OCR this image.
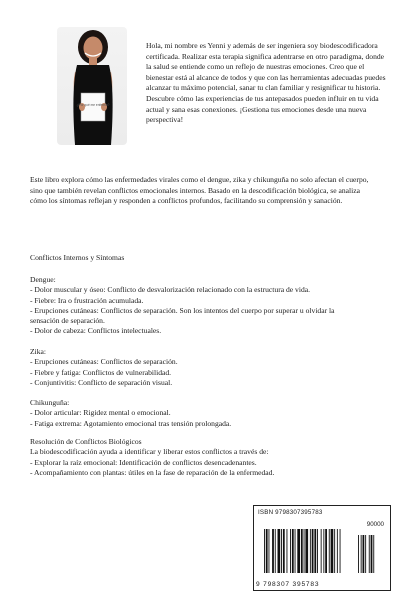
¿Por qué me enfermo?
Hola, mi nombre es Yenni y además de ser ingeniera soy biodescodificadora certificada. Realizar esta terapia significa adentrarse en otro paradigma, donde la salud se entiende como un reflejo de nuestras emociones. Creo que el bienestar está al alcance de todos y que con las herramientas adecuadas puedes alcanzar tu máximo potencial, sanar tu clan familiar y resignificar tu historia. Descubre cómo las experiencias de tus antepasados pueden influir en tu vida actual y sana esas conexiones. ¡Gestiona tus emociones desde una nueva perspectiva!
Este libro explora cómo las enfermedades virales como el dengue, zika y chikunguña no solo afectan el cuerpo, sino que también revelan conflictos emocionales internos. Basado en la descodificación biológica, se analiza cómo los síntomas reflejan y responden a conflictos profundos, facilitando su comprensión y sanación.
Conflictos Internos y Síntomas
Dengue:
- Dolor muscular y óseo: Conflicto de desvalorización relacionado con la estructura de vida.
- Fiebre: Ira o frustración acumulada.
- Erupciones cutáneas: Conflictos de separación. Son los intentos del cuerpo por superar u olvidar la
sensación de separación.
- Dolor de cabeza: Conflictos intelectuales.
Zika:
- Erupciones cutáneas: Conflictos de separación.
- Fiebre y fatiga: Conflictos de vulnerabilidad.
- Conjuntivitis: Conflicto de separación visual.
Chikunguña:
- Dolor articular: Rigidez mental o emocional.
- Fatiga extrema: Agotamiento emocional tras tensión prolongada.
Resolución de Conflictos Biológicos
La biodescodificación ayuda a identificar y liberar estos conflictos a través de:
- Explorar la raíz emocional: Identificación de conflictos desencadenantes.
- Acompañamiento con plantas: útiles en la fase de reparación de la enfermedad.
ISBN 9798307395783
90000
9 798307 395783
